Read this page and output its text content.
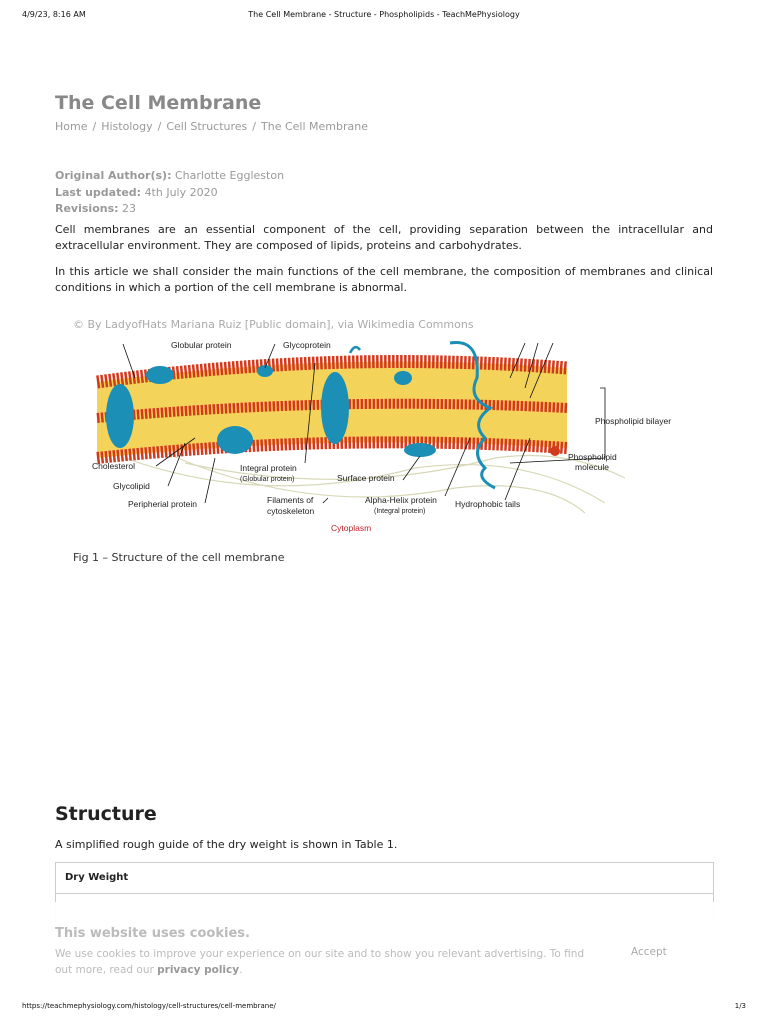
4/9/23, 8:16 AM	The Cell Membrane - Structure - Phospholipids - TeachMePhysiology
The Cell Membrane
Home / Histology / Cell Structures / The Cell Membrane
Original Author(s): Charlotte Eggleston
Last updated: 4th July 2020
Revisions: 23

Cell membranes are an essential component of the cell, providing separation between the intracellular and extracellular environment. They are composed of lipids, proteins and carbohydrates.

In this article we shall consider the main functions of the cell membrane, the composition of membranes and clinical conditions in which a portion of the cell membrane is abnormal.

© By LadyofHats Mariana Ruiz [Public domain], via Wikimedia Commons
Globular protein	Glycoprotein
Phospholipid bilayer
Phospholipid
molecule
Cholesterol
Glycolipid
Peripherial protein
Integral protein
(Globular protein)	Surface protein
Filaments of
cytoskeleton
Alpha-Helix protein
(Integral protein)
Hydrophobic tails
Cytoplasm
Fig 1 – Structure of the cell membrane
Structure
A simplified rough guide of the dry weight is shown in Table 1.
Dry Weight
This website uses cookies.
We use cookies to improve your experience on our site and to show you relevant advertising. To find out more, read our privacy policy.
Accept
https://teachmephysiology.com/histology/cell-structures/cell-membrane/	1/3
